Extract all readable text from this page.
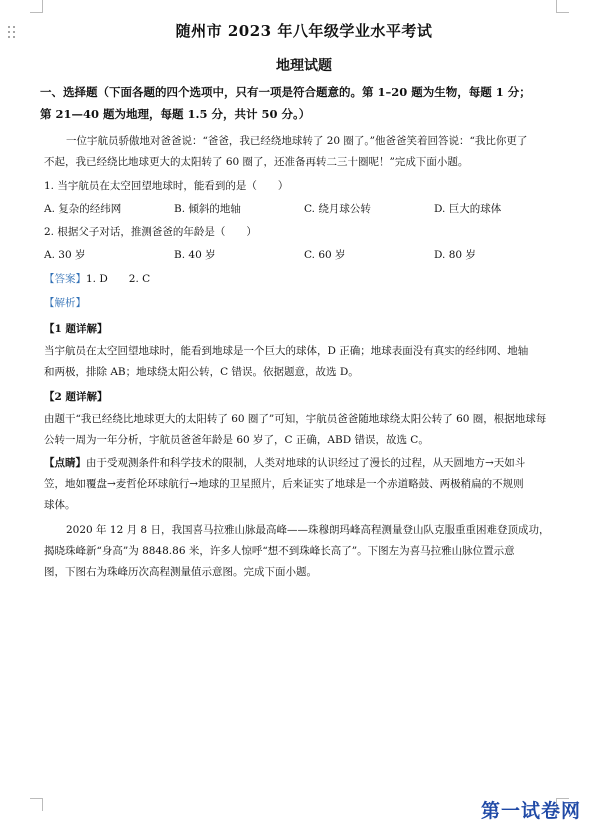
随州市 2023 年八年级学业水平考试
地理试题
一、选择题（下面各题的四个选项中，只有一项是符合题意的。第 1–20 题为生物，每题 1 分；
第 21—40 题为地理，每题 1.5 分，共计 50 分。）

一位宇航员骄傲地对爸爸说：“爸爸，我已经绕地球转了 20 圈了。”他爸爸笑着回答说：“我比你更了

不起，我已经绕比地球更大的太阳转了 60 圈了，还准备再转二三十圈呢！”完成下面小题。

1. 当宇航员在太空回望地球时，能看到的是（　　）

A. 复杂的经纬网	B. 倾斜的地轴	C. 绕月球公转	D. 巨大的球体

2. 根据父子对话，推测爸爸的年龄是（　　）

A. 30 岁	B. 40 岁	C. 60 岁	D. 80 岁
【答案】1. D　　2. C
【解析】
【1 题详解】

当宇航员在太空回望地球时，能看到地球是一个巨大的球体，D 正确；地球表面没有真实的经纬网、地轴

和两极，排除 AB；地球绕太阳公转，C 错误。依据题意，故选 D。

【2 题详解】

由题干“我已经绕比地球更大的太阳转了 60 圈了”可知，宇航员爸爸随地球绕太阳公转了 60 圈，根据地球每

公转一周为一年分析，宇航员爸爸年龄是 60 岁了，C 正确，ABD 错误，故选 C。

【点睛】由于受观测条件和科学技术的限制，人类对地球的认识经过了漫长的过程，从天圆地方→天如斗

笠，地如覆盘→麦哲伦环球航行→地球的卫星照片，后来证实了地球是一个赤道略鼓、两极稍扁的不规则

球体。

2020 年 12 月 8 日，我国喜马拉雅山脉最高峰——珠穆朗玛峰高程测量登山队克服重重困难登顶成功，

揭晓珠峰新“身高”为 8848.86 米，许多人惊呼“想不到珠峰长高了”。下图左为喜马拉雅山脉位置示意

图，下图右为珠峰历次高程测量值示意图。完成下面小题。

第一试卷网
